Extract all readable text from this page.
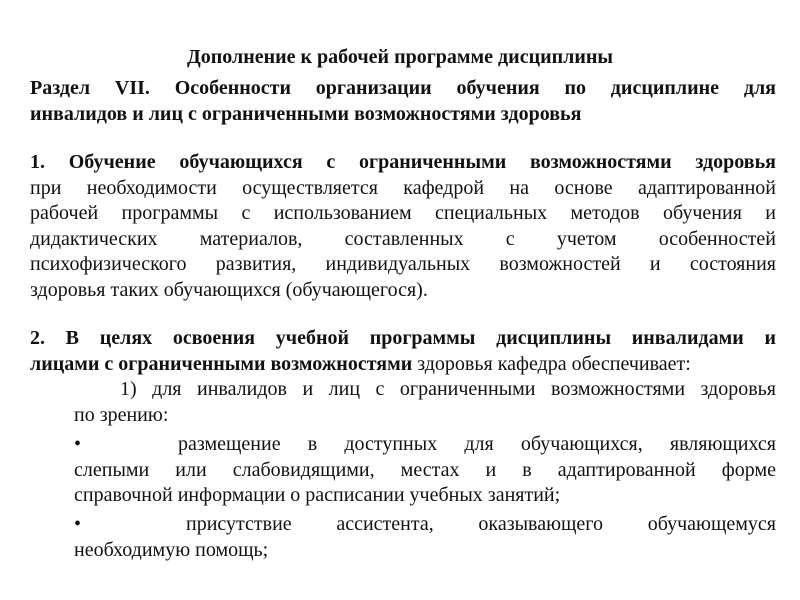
Дополнение к рабочей программе дисциплины
Раздел VII. Особенности организации обучения по дисциплине для
инвалидов и лиц с ограниченными возможностями здоровья
1. Обучение обучающихся с ограниченными возможностями здоровья
при необходимости осуществляется кафедрой на основе адаптированной
рабочей программы с использованием специальных методов обучения и
дидактических материалов, составленных с учетом особенностей
психофизического развития, индивидуальных возможностей и состояния
здоровья таких обучающихся (обучающегося).
2. В целях освоения учебной программы дисциплины инвалидами и
лицами с ограниченными возможностями здоровья кафедра обеспечивает:
1) для инвалидов и лиц с ограниченными возможностями здоровья
по зрению:
•	размещение в доступных для обучающихся, являющихся
слепыми или слабовидящими, местах и в адаптированной форме
справочной информации о расписании учебных занятий;
•	присутствие ассистента, оказывающего обучающемуся
необходимую помощь;
